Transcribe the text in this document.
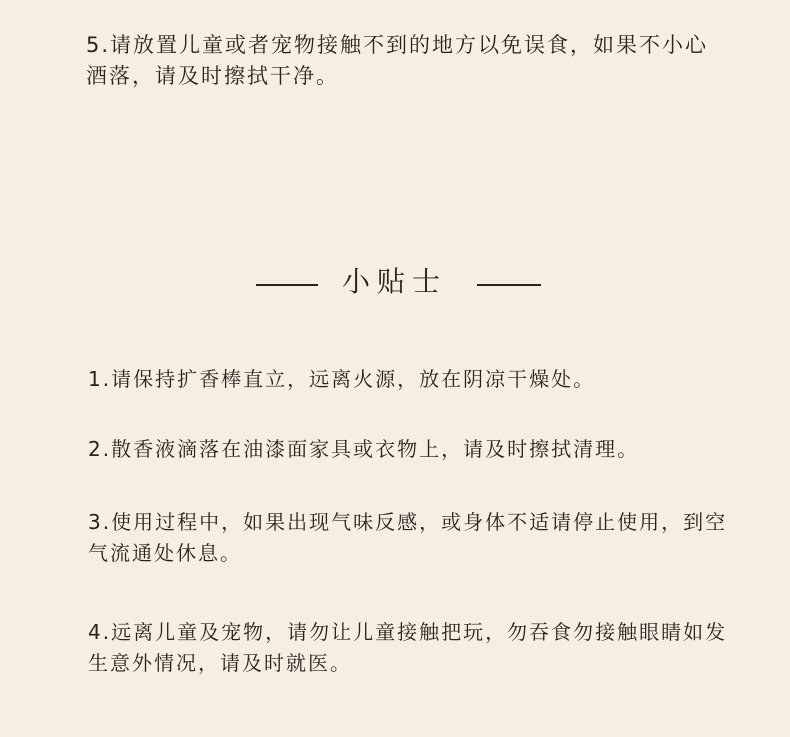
5.请放置儿童或者宠物接触不到的地方以免误食，如果不小心酒落，请及时擦拭干净。
小贴士
1.请保持扩香棒直立，远离火源，放在阴凉干燥处。
2.散香液滴落在油漆面家具或衣物上，请及时擦拭清理。
3.使用过程中，如果出现气味反感，或身体不适请停止使用，到空气流通处休息。
4.远离儿童及宠物，请勿让儿童接触把玩，勿吞食勿接触眼睛如发生意外情况，请及时就医。
